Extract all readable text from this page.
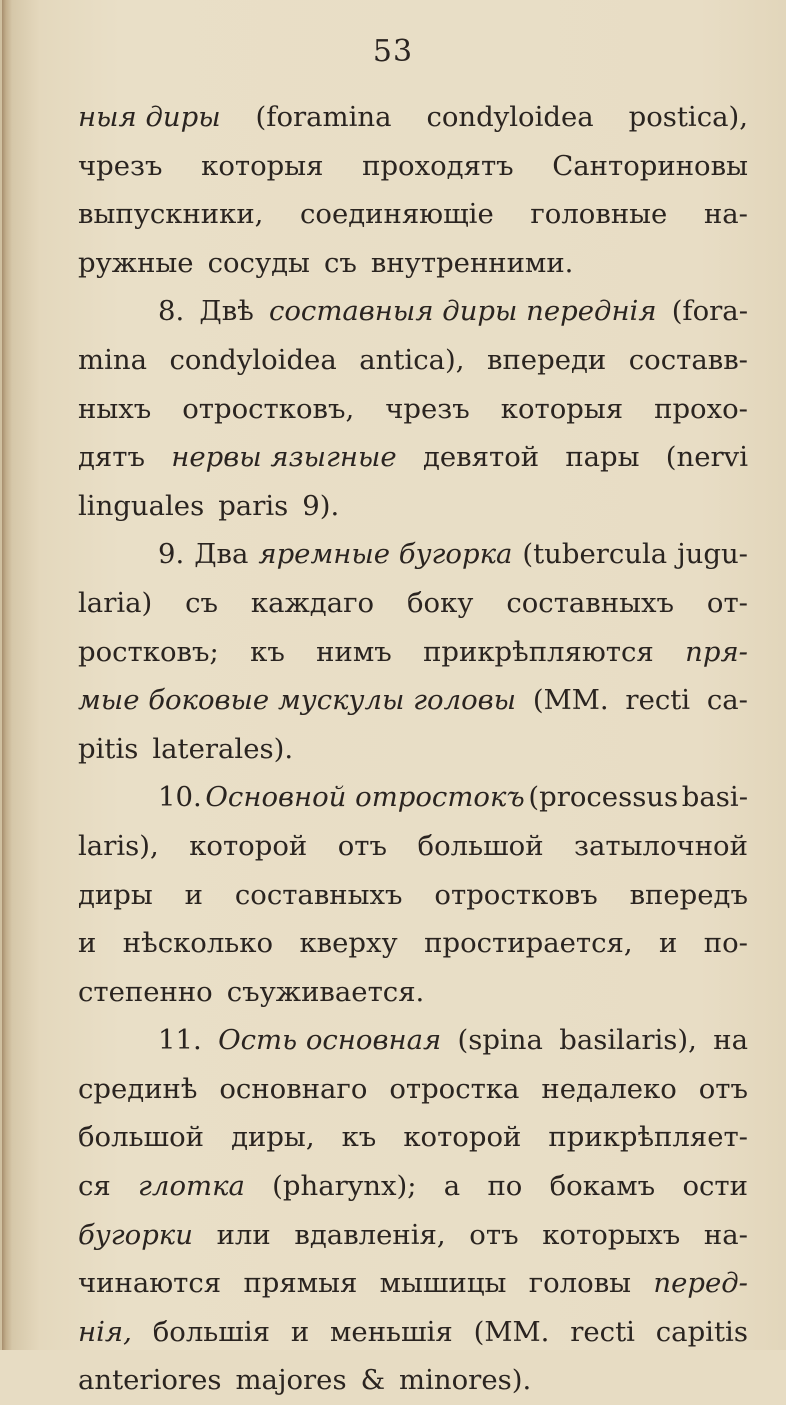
53
ныя диры (foramina condyloidea postica),
чрезъ которыя проходятъ Санториновы
выпускники, соединяющіе головные на-
ружные сосуды съ внутренними.
8. Двѣ составныя диры переднія (fora-
mina condyloidea antica), впереди составв-
ныхъ отростковъ, чрезъ которыя прохо-
дятъ нервы языгные девятой пары (nervi
linguales paris 9).
9. Два яремные бугорка (tubercula jugu-
laria) съ каждаго боку составныхъ от-
ростковъ; къ нимъ прикрѣпляются пря-
мые боковые мускулы головы (MM. recti ca-
pitis laterales).
10. Основной отростокъ (processus basi-
laris), которой отъ большой затылочной
диры и составныхъ отростковъ впередъ
и нѣсколько кверху простирается, и по-
степенно съуживается.
11. Ость основная (spina basilaris), на
срединѣ основнаго отростка недалеко отъ
большой диры, къ которой прикрѣпляет-
ся глотка (pharynx); а по бокамъ ости
бугорки или вдавленія, отъ которыхъ на-
чинаются прямыя мышицы головы перед-
нія, большія и меньшія (MM. recti capitis
anteriores majores & minores).
